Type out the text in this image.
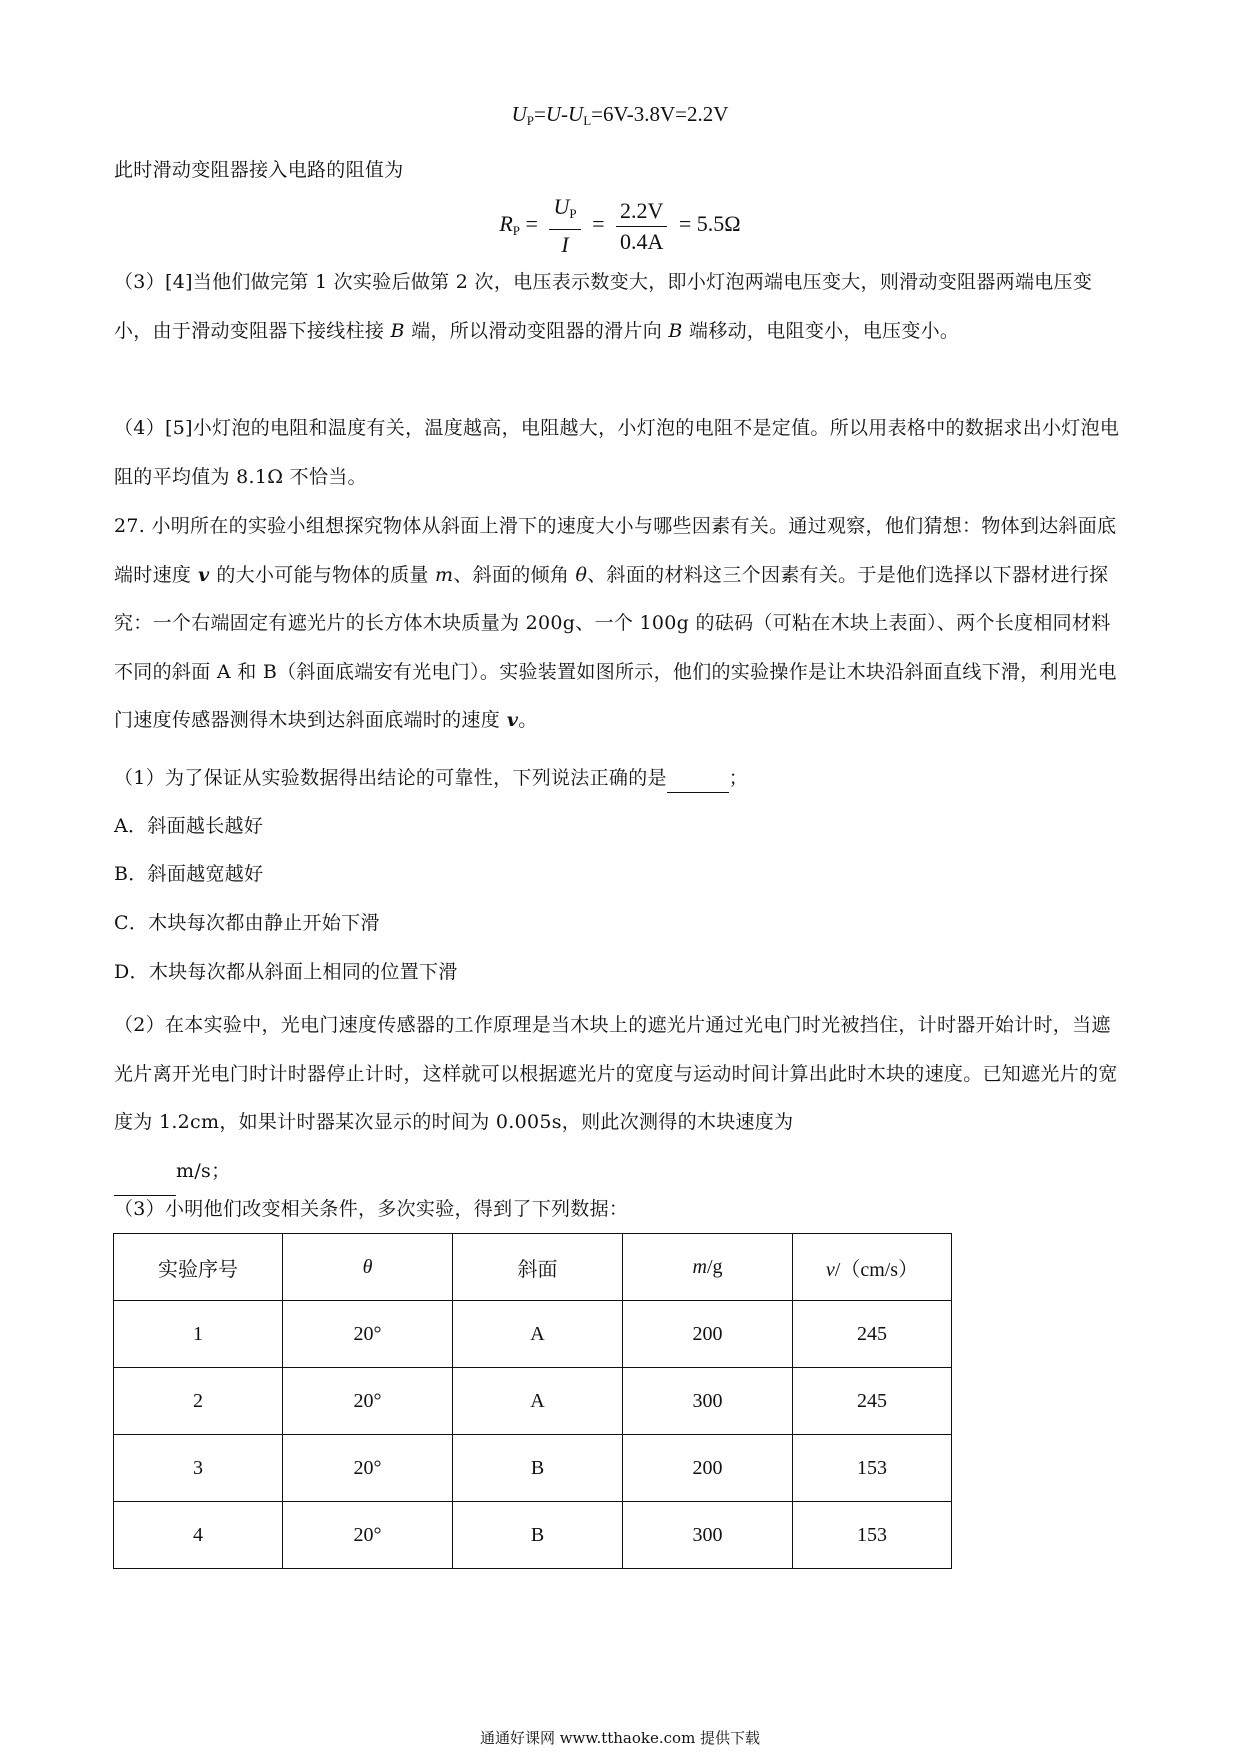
$U_P=U-U_L=6V-3.8V=2.2V$
此时滑动变阻器接入电路的阻值为
$R_P = \frac{U_P}{I} = \frac{2.2V}{0.4A} = 5.5\Omega$
（3）[4]当他们做完第 1 次实验后做第 2 次，电压表示数变大，即小灯泡两端电压变大，则滑动变阻器两端电压变小，由于滑动变阻器下接线柱接 B 端，所以滑动变阻器的滑片向 B 端移动，电阻变小，电压变小。
（4）[5]小灯泡的电阻和温度有关，温度越高，电阻越大，小灯泡的电阻不是定值。所以用表格中的数据求出小灯泡电阻的平均值为 8.1Ω 不恰当。
27. 小明所在的实验小组想探究物体从斜面上滑下的速度大小与哪些因素有关。通过观察，他们猜想：物体到达斜面底端时速度 v 的大小可能与物体的质量 m、斜面的倾角 θ、斜面的材料这三个因素有关。于是他们选择以下器材进行探究：一个右端固定有遮光片的长方体木块质量为 200g、一个 100g 的砝码（可粘在木块上表面）、两个长度相同材料不同的斜面 A 和 B（斜面底端安有光电门）。实验装置如图所示，他们的实验操作是让木块沿斜面直线下滑，利用光电门速度传感器测得木块到达斜面底端时的速度 v。
（1）为了保证从实验数据得出结论的可靠性，下列说法正确的是	；
A．斜面越长越好
B．斜面越宽越好
C．木块每次都由静止开始下滑
D．木块每次都从斜面上相同的位置下滑
（2）在本实验中，光电门速度传感器的工作原理是当木块上的遮光片通过光电门时光被挡住，计时器开始计时，当遮光片离开光电门时计时器停止计时，这样就可以根据遮光片的宽度与运动时间计算出此时木块的速度。已知遮光片的宽度为 1.2cm，如果计时器某次显示的时间为 0.005s，则此次测得的木块速度为
m/s；
（3）小明他们改变相关条件，多次实验，得到了下列数据：
实验序号	θ	斜面	m/g	v/（cm/s）
1	20°	A	200	245
2	20°	A	300	245
3	20°	B	200	153
4	20°	B	300	153
通通好课网 www.tthaoke.com 提供下载
